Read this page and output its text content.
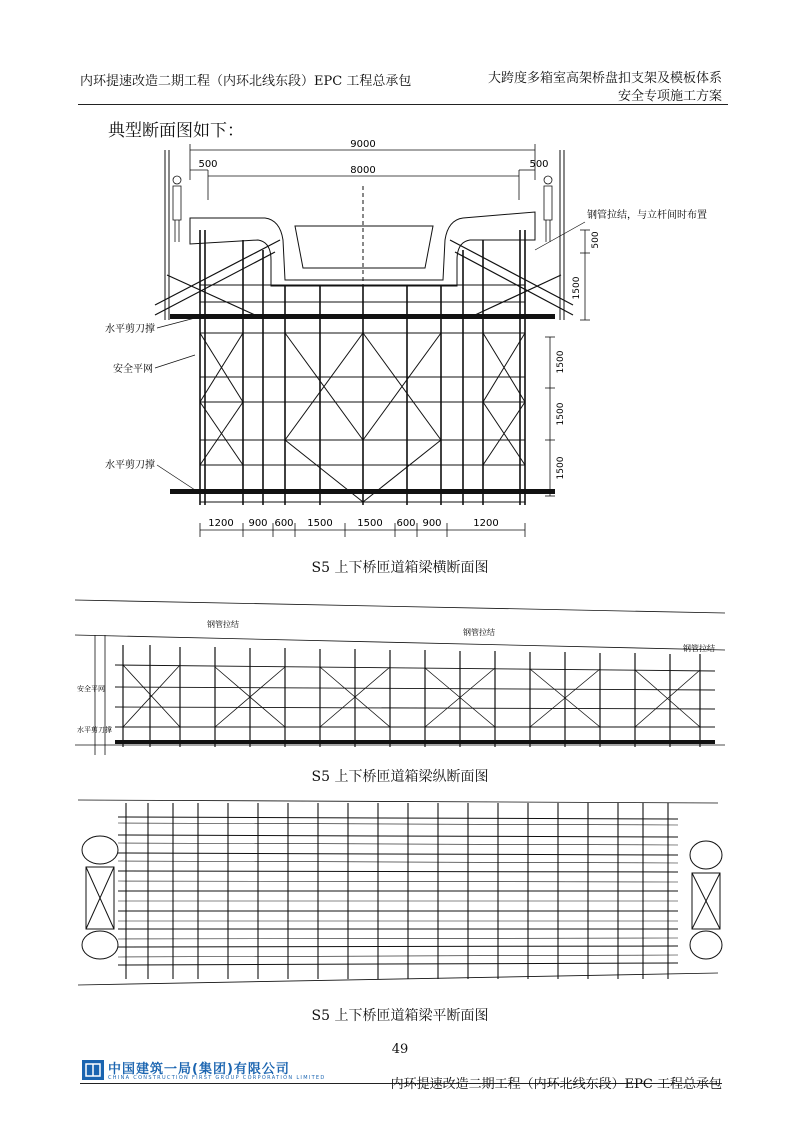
内环提速改造二期工程（内环北线东段）EPC 工程总承包	大跨度多箱室高架桥盘扣支架及模板体系
安全专项施工方案
典型断面图如下：
9000
8000
500	500
500
1500
1500
1500
1500
钢管拉结，与立杆间时布置
水平剪刀撑
安全平网
水平剪刀撑
1200 900 600 1500 1500 600 900	1200
S5 上下桥匝道箱梁横断面图
钢管拉结
钢管拉结
钢管拉结
安全平网
水平剪刀撑
S5 上下桥匝道箱梁纵断面图
S5 上下桥匝道箱梁平断面图
49
中国建筑一局(集团)有限公司
CHINA CONSTRUCTION FIRST GROUP CORPORATION LIMITED	内环提速改造二期工程（内环北线东段）EPC 工程总承包
